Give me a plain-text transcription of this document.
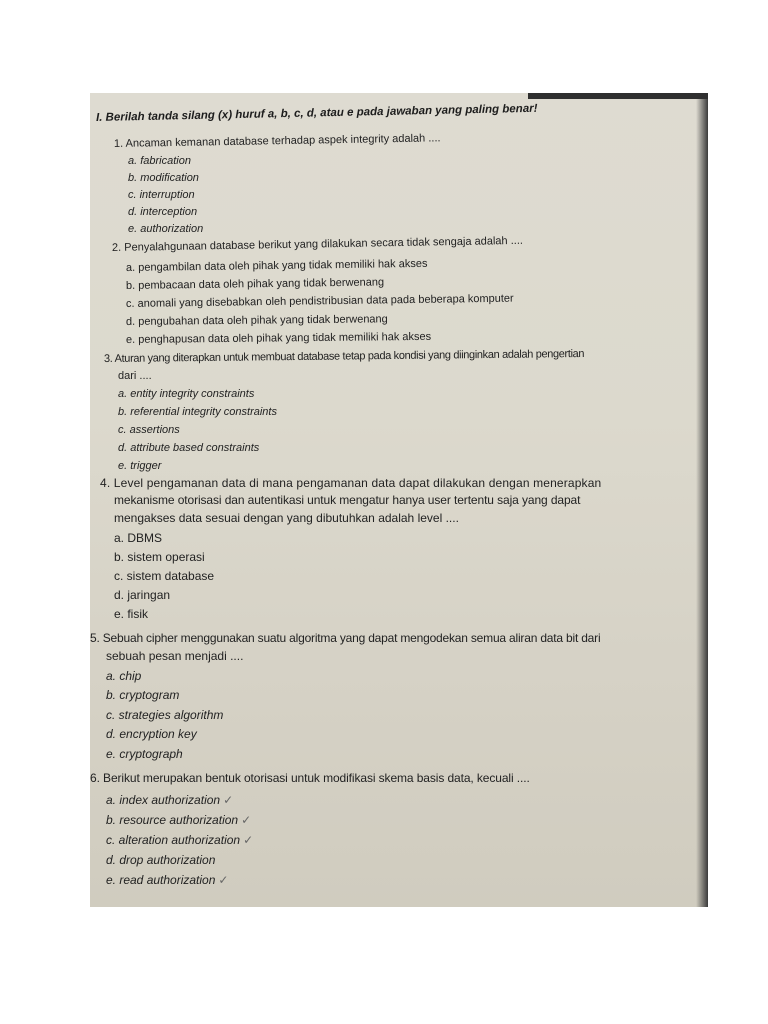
I. Berilah tanda silang (x) huruf a, b, c, d, atau e pada jawaban yang paling benar!
1. Ancaman kemanan database terhadap aspek integrity adalah ....
a. fabrication
b. modification
c. interruption
d. interception
e. authorization
2. Penyalahgunaan database berikut yang dilakukan secara tidak sengaja adalah ....
a. pengambilan data oleh pihak yang tidak memiliki hak akses
b. pembacaan data oleh pihak yang tidak berwenang
c. anomali yang disebabkan oleh pendistribusian data pada beberapa komputer
d. pengubahan data oleh pihak yang tidak berwenang
e. penghapusan data oleh pihak yang tidak memiliki hak akses
3. Aturan yang diterapkan untuk membuat database tetap pada kondisi yang diinginkan adalah pengertian
dari ....
a. entity integrity constraints
b. referential integrity constraints
c. assertions
d. attribute based constraints
e. trigger
4. Level pengamanan data di mana pengamanan data dapat dilakukan dengan menerapkan
mekanisme otorisasi dan autentikasi untuk mengatur hanya user tertentu saja yang dapat
mengakses data sesuai dengan yang dibutuhkan adalah level ....
a. DBMS
b. sistem operasi
c. sistem database
d. jaringan
e. fisik
5. Sebuah cipher menggunakan suatu algoritma yang dapat mengodekan semua aliran data bit dari
sebuah pesan menjadi ....
a. chip
b. cryptogram
c. strategies algorithm
d. encryption key
e. cryptograph
6. Berikut merupakan bentuk otorisasi untuk modifikasi skema basis data, kecuali ....
a. index authorization ✓
b. resource authorization ✓
c. alteration authorization ✓
d. drop authorization
e. read authorization ✓
